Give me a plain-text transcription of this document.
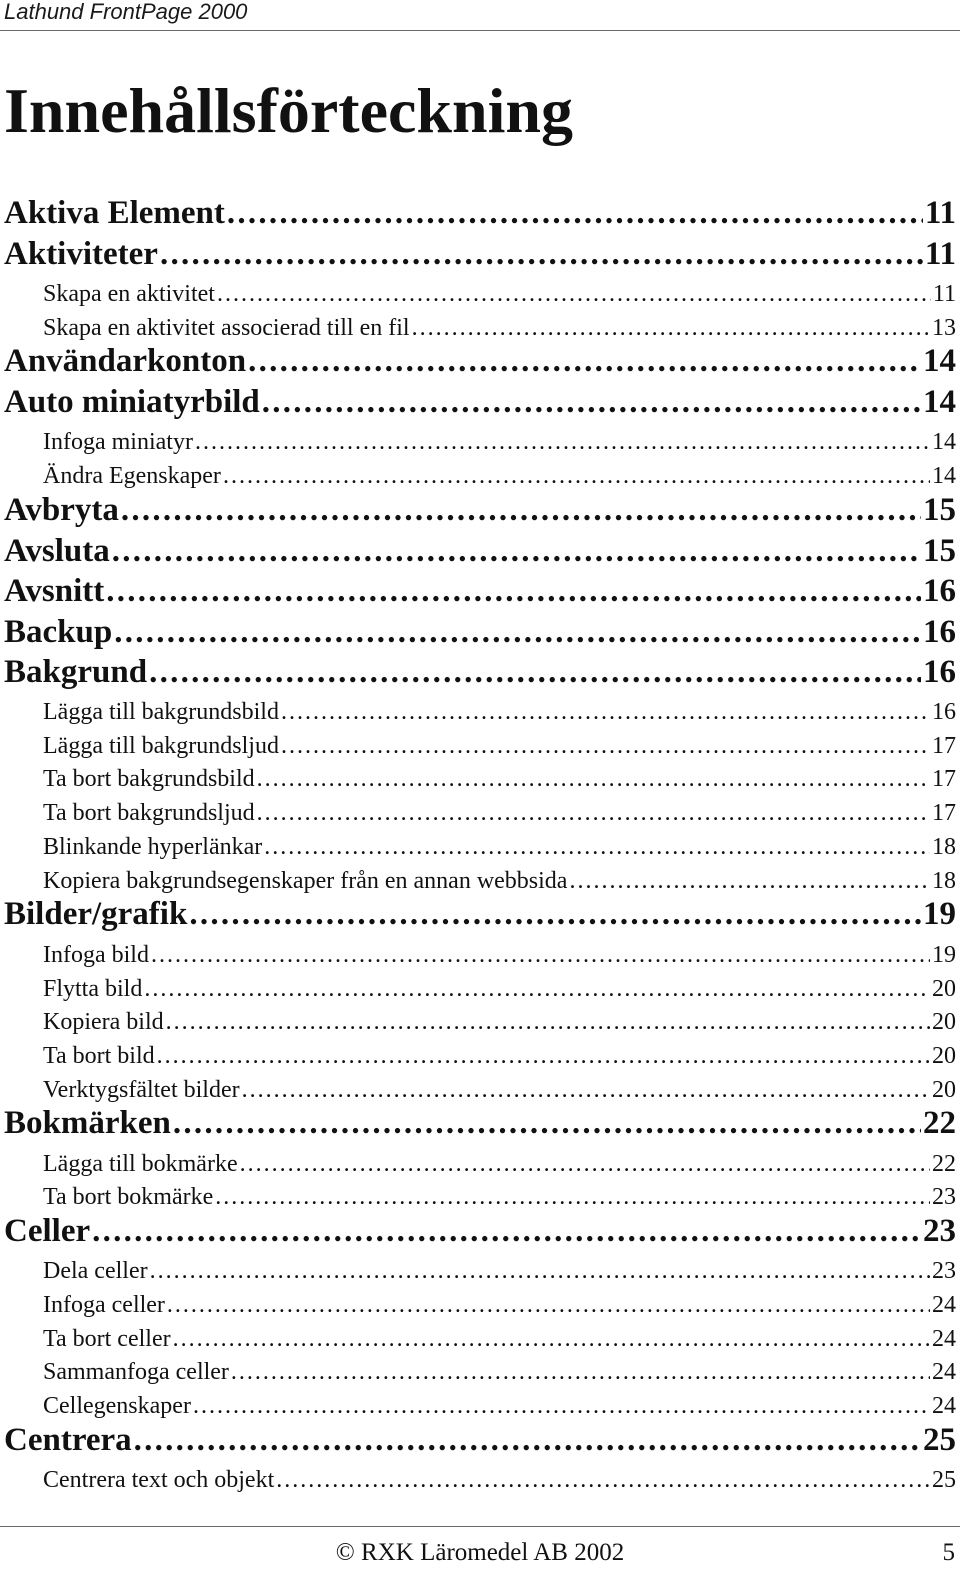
Lathund FrontPage 2000
Innehållsförteckning
Aktiva Element . . .	11
Aktiviteter . . .	11
Skapa en aktivitet . . .	11
Skapa en aktivitet associerad till en fil . . .	13
Användarkonton . . .	14
Auto miniatyrbild . . .	14
Infoga miniatyr . . .	14
Ändra Egenskaper . . .	14
Avbryta . . .	15
Avsluta . . .	15
Avsnitt . . .	16
Backup . . .	16
Bakgrund . . .	16
Lägga till bakgrundsbild . . .	16
Lägga till bakgrundsljud . . .	17
Ta bort bakgrundsbild . . .	17
Ta bort bakgrundsljud . . .	17
Blinkande hyperlänkar . . .	18
Kopiera bakgrundsegenskaper från en annan webbsida . . .	18
Bilder/grafik . . .	19
Infoga bild . . .	19
Flytta bild . . .	20
Kopiera bild . . .	20
Ta bort bild . . .	20
Verktygsfältet bilder . . .	20
Bokmärken . . .	22
Lägga till bokmärke . . .	22
Ta bort bokmärke . . .	23
Celler . . .	23
Dela celler . . .	23
Infoga celler . . .	24
Ta bort celler . . .	24
Sammanfoga celler . . .	24
Cellegenskaper . . .	24
Centrera . . .	25
Centrera text och objekt . . .	25
© RXK Läromedel AB 2002	5
